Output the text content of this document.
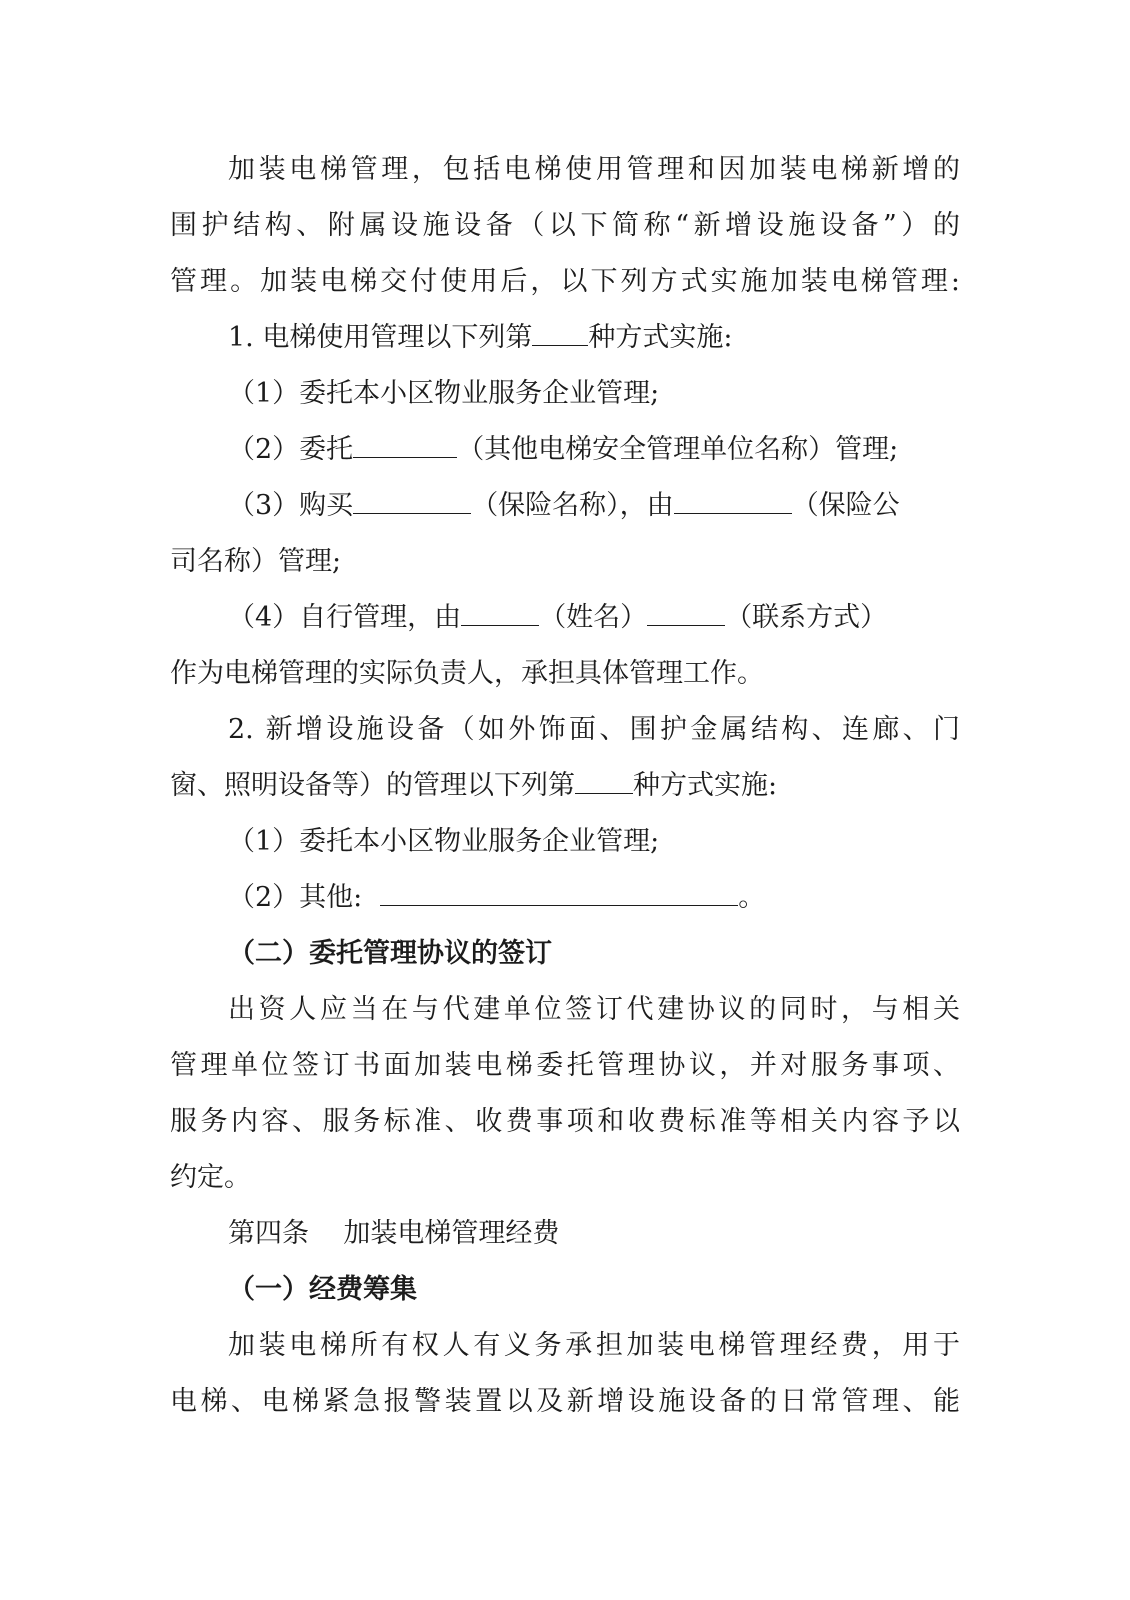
加装电梯管理，包括电梯使用管理和因加装电梯新增的
围护结构、附属设施设备（以下简称“新增设施设备”）的
管理。加装电梯交付使用后，以下列方式实施加装电梯管理:
1. 电梯使用管理以下列第 种方式实施:
（1）委托本小区物业服务企业管理;
（2）委托	（其他电梯安全管理单位名称）管理;
（3）购买	（保险名称），由	（保险公
司名称）管理;
（4）自行管理，由	（姓名）	（联系方式）
作为电梯管理的实际负责人，承担具体管理工作。
2. 新增设施设备（如外饰面、围护金属结构、连廊、门
窗、照明设备等）的管理以下列第 种方式实施:
（1）委托本小区物业服务企业管理;
（2）其他:	。
（二）委托管理协议的签订
出资人应当在与代建单位签订代建协议的同时，与相关
管理单位签订书面加装电梯委托管理协议，并对服务事项、
服务内容、服务标准、收费事项和收费标准等相关内容予以
约定。
第四条    加装电梯管理经费
（一）经费筹集
加装电梯所有权人有义务承担加装电梯管理经费，用于
电梯、电梯紧急报警装置以及新增设施设备的日常管理、能
